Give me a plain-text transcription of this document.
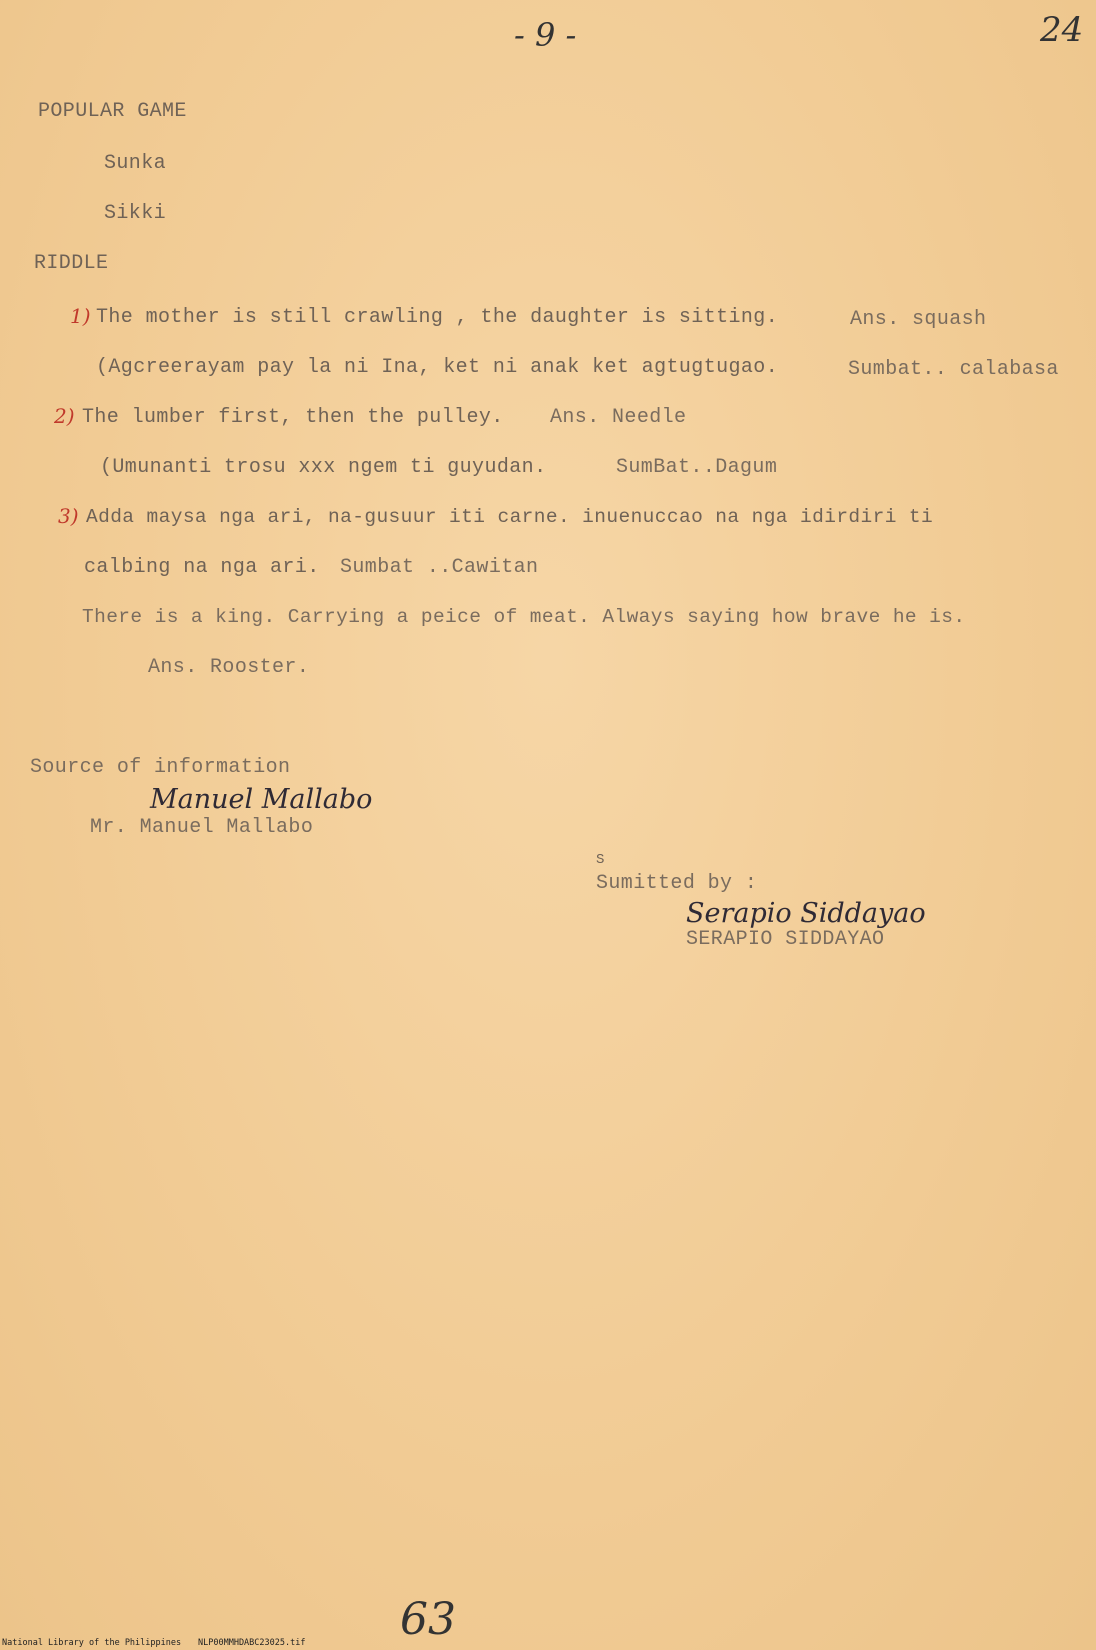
- 9 -	24
POPULAR GAME
Sunka
Sikki
RIDDLE
1) The mother is still crawling , the daughter is sitting.	Ans. squash
(Agcreerayam pay la ni Ina, ket ni anak ket agtugtugao.	Sumbat.. calabasa
2) The lumber first, then the pulley. Ans. Needle
(Umunanti trosu xxx ngem ti guyudan.	SumBat..Dagum
3) Adda maysa nga ari, na-gusuur iti carne. inuenuccao na nga idirdiri ti
calbing na nga ari. Sumbat ..Cawitan
There is a king. Carrying a peice of meat. Always saying how brave he is.
Ans. Rooster.
Source of information
Manuel Mallabo
Mr. Manuel Mallabo
S
Sumitted by :
Serapio Siddayao
SERAPIO SIDDAYAO
63
National Library of the Philippines NLP00MMHDABC23025.tif
